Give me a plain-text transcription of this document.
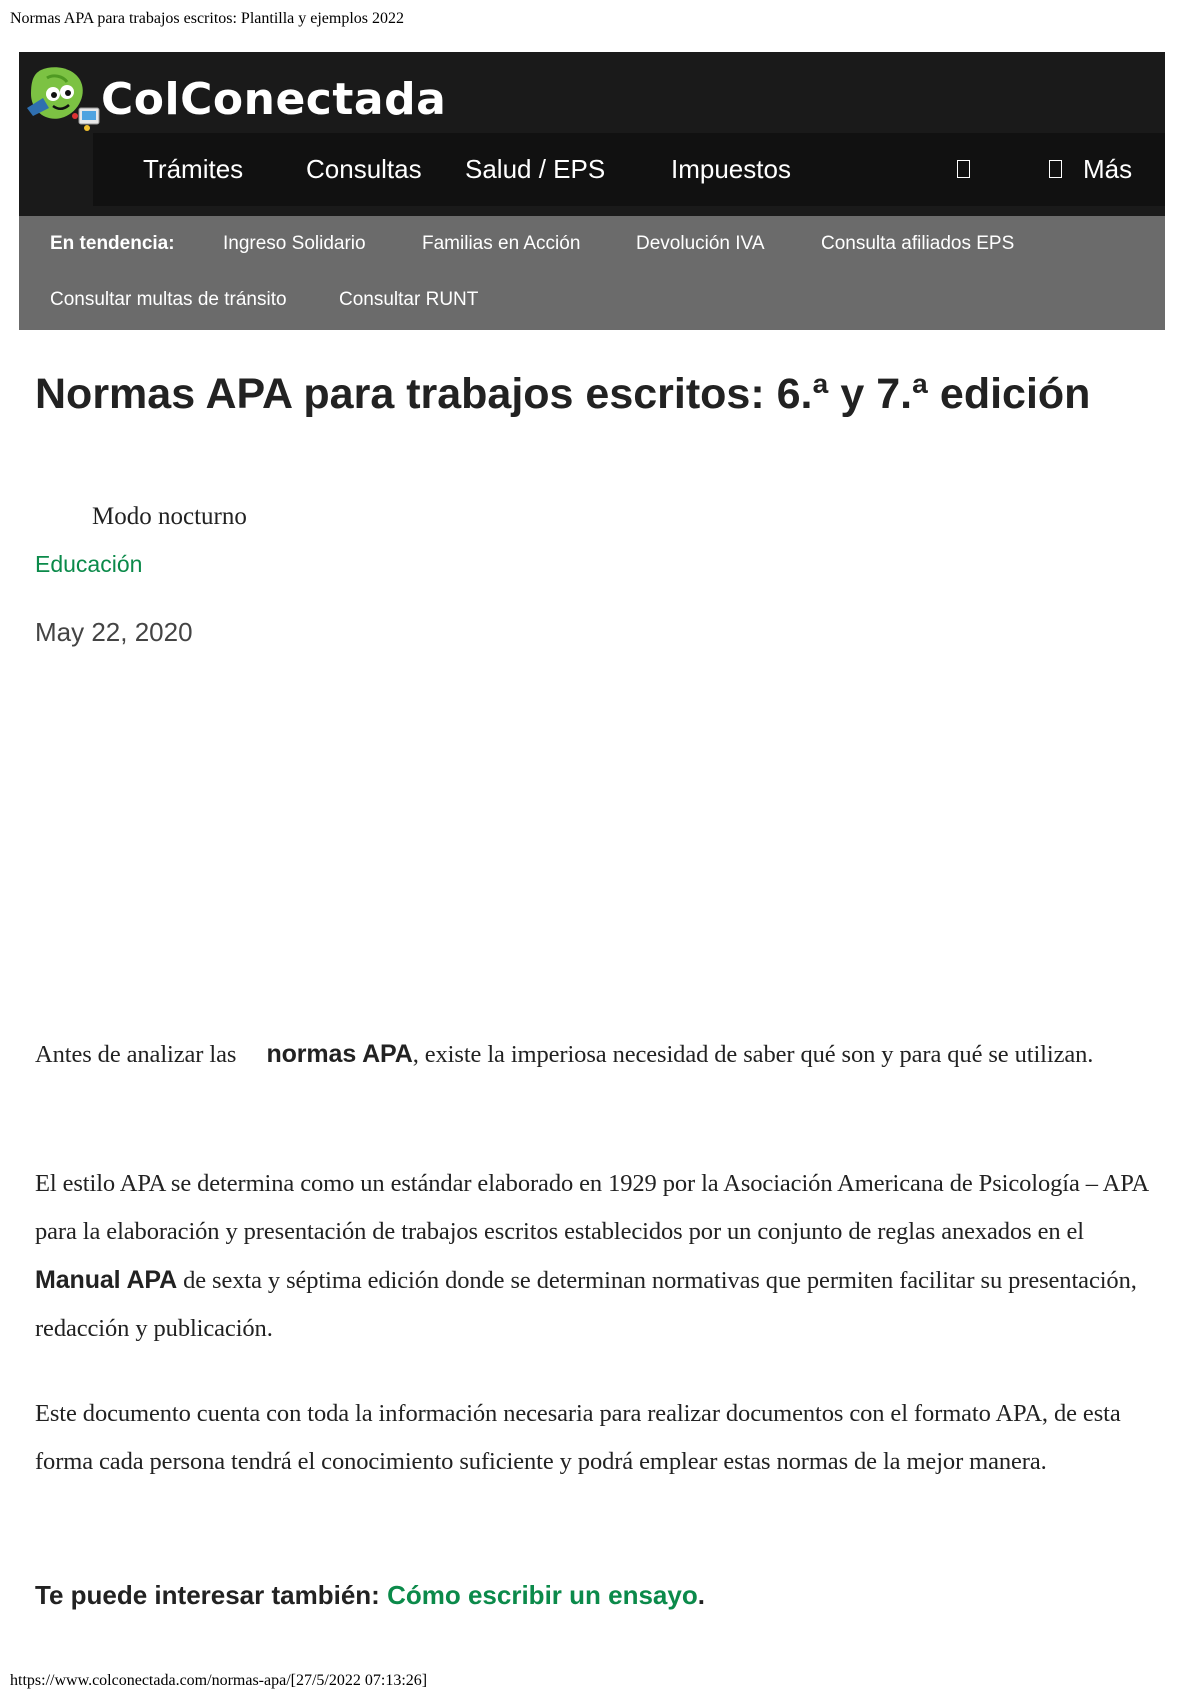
Normas APA para trabajos escritos: Plantilla y ejemplos 2022
ColConectada
Trámites Consultas Salud / EPS	Impuestos	Más
En tendencia:	Ingreso Solidario	Familias en Acción	Devolución IVA	Consulta afiliados EPS
Consultar multas de tránsito	Consultar RUNT
Normas APA para trabajos escritos: 6.ª y 7.ª edición
Modo nocturno
Educación
May 22, 2020

Antes de analizar las normas APA, existe la imperiosa necesidad de saber qué son y para qué se utilizan.

El estilo APA se determina como un estándar elaborado en 1929 por la Asociación Americana de Psicología – APA para la elaboración y presentación de trabajos escritos establecidos por un conjunto de reglas anexados en el Manual APA de sexta y séptima edición donde se determinan normativas que permiten facilitar su presentación, redacción y publicación.

Este documento cuenta con toda la información necesaria para realizar documentos con el formato APA, de esta forma cada persona tendrá el conocimiento suficiente y podrá emplear estas normas de la mejor manera.

Te puede interesar también: Cómo escribir un ensayo.

https://www.colconectada.com/normas-apa/[27/5/2022 07:13:26]
